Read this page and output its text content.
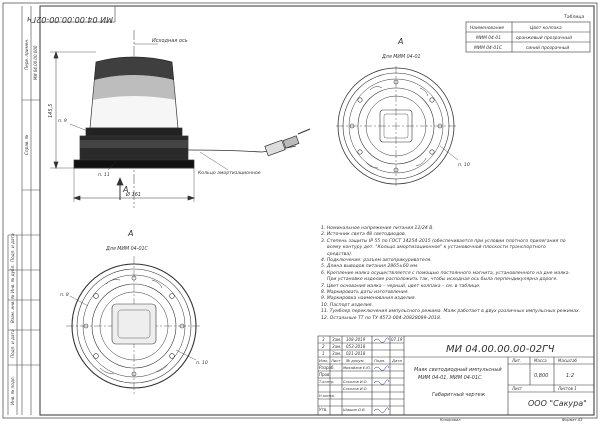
Перв. примен. МИ 04.00.00.000
Справ. №
Подп. и дата
Инв. № дубл.
Взам. инв. №
Подп. и дата
Инв. № подл.
МИ 04.00.00.00-02Гч
Исходная ось
145,5
Ø 161
п. 9
п. 11	Кольцо амортизационное
A
A
Для МИМ 04-01
п. 10
A
Для МИМ 04-01С
п. 8
п. 10
Таблица
Наименование	Цвет колпака
МИМ 04-01	оранжевый прозрачный
МИМ 04-01С	синий прозрачный
3 Зам. 108-2019	07.19
2 Зам. 053-2018
1 Зам. 021-2018
Изм. Лист № докум. Подп. Дата
Разраб. Михайлов Е.Ю.
Пров.
Т.контр. Соколов И.О.
Соколов И.О.
Н.контр.
Утв.	Шашин О.В.
МИ 04.00.00.00-02ГЧ
Маяк светодиодный импульсный
МИМ 04-01, МИМ 04-01С
Габаритный чертеж
Лит.	Масса	Масштаб
0,800	1:2
Лист	Листов 1
ООО "Сакура"
Копировал	Формат А3
1. Номинальное напряжение питания 12/24 В.
2. Источник света 48 светодиодов.
3. Степень защиты IP 55 по ГОСТ 14254-2015 (обеспечивается при условии плотного прилегания по
всему контуру дет. "Кольцо амортизационное" к установочной плоскости транспортного
средства).
4. Подключение: разъем автоприкуривателя.
5. Длина выводов питания 2865±60 мм.
6. Крепление маяка осуществляется с помощью постоянного магнита, установленного на дне маяка.
При установке изделие расположить так, чтобы исходная ось была перпендикулярна дороге.
7. Цвет основания маяка – черный, цвет колпака – см. в таблице.
8. Маркировать даты изготовления.
9. Маркировка наименования изделия.
10. Паспорт изделия.
11. Тумблер переключения импульсного режима. Маяк работает в двух различных импульсных режимах.
12. Остальные ТТ по ТУ 4573-004-20828089-2018.
